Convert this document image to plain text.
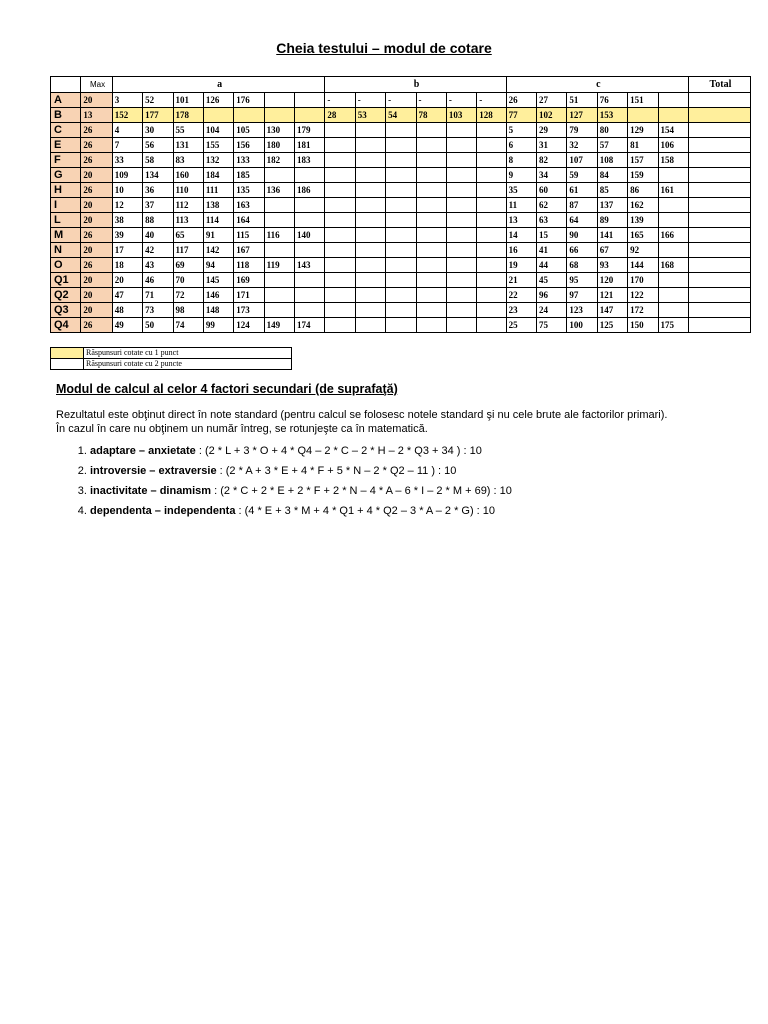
Cheia testului – modul de cotare
	Max	a							b						c						Total
A	20	3	52	101	126	176			-	-	-	-	-	-	26	27	51	76	151		
B	13	152	177	178					28	53	54	78	103	128	77	102	127	153			
C	26	4	30	55	104	105	130	179							5	29	79	80	129	154	
E	26	7	56	131	155	156	180	181							6	31	32	57	81	106	
F	26	33	58	83	132	133	182	183							8	82	107	108	157	158	
G	20	109	134	160	184	185									9	34	59	84	159		
H	26	10	36	110	111	135	136	186							35	60	61	85	86	161	
I	20	12	37	112	138	163									11	62	87	137	162		
L	20	38	88	113	114	164									13	63	64	89	139		
M	26	39	40	65	91	115	116	140							14	15	90	141	165	166	
N	20	17	42	117	142	167									16	41	66	67	92		
O	26	18	43	69	94	118	119	143							19	44	68	93	144	168	
Q1	20	20	46	70	145	169									21	45	95	120	170		
Q2	20	47	71	72	146	171									22	96	97	121	122		
Q3	20	48	73	98	148	173									23	24	123	147	172		
Q4	26	49	50	74	99	124	149	174							25	75	100	125	150	175	
	Răspunsuri cotate cu 1 punct
	Răspunsuri cotate cu 2 puncte
Modul de calcul al celor 4 factori secundari (de suprafaţă)
Rezultatul este obţinut direct în note standard (pentru calcul se folosesc notele standard şi nu cele brute ale factorilor primari).
În cazul în care nu obţinem un număr întreg, se rotunjeşte ca în matematică.
1. adaptare – anxietate : (2 * L + 3 * O + 4 * Q4 – 2 * C – 2 * H – 2 * Q3 + 34 ) : 10
2. introversie – extraversie : (2 * A + 3 * E + 4 * F + 5 * N – 2 * Q2 – 11 ) : 10
3. inactivitate – dinamism : (2 * C + 2 * E + 2 * F + 2 * N – 4 * A – 6 * I – 2 * M + 69) : 10
4. dependenta – independenta : (4 * E + 3 * M + 4 * Q1 + 4 * Q2 – 3 * A – 2 * G) : 10
